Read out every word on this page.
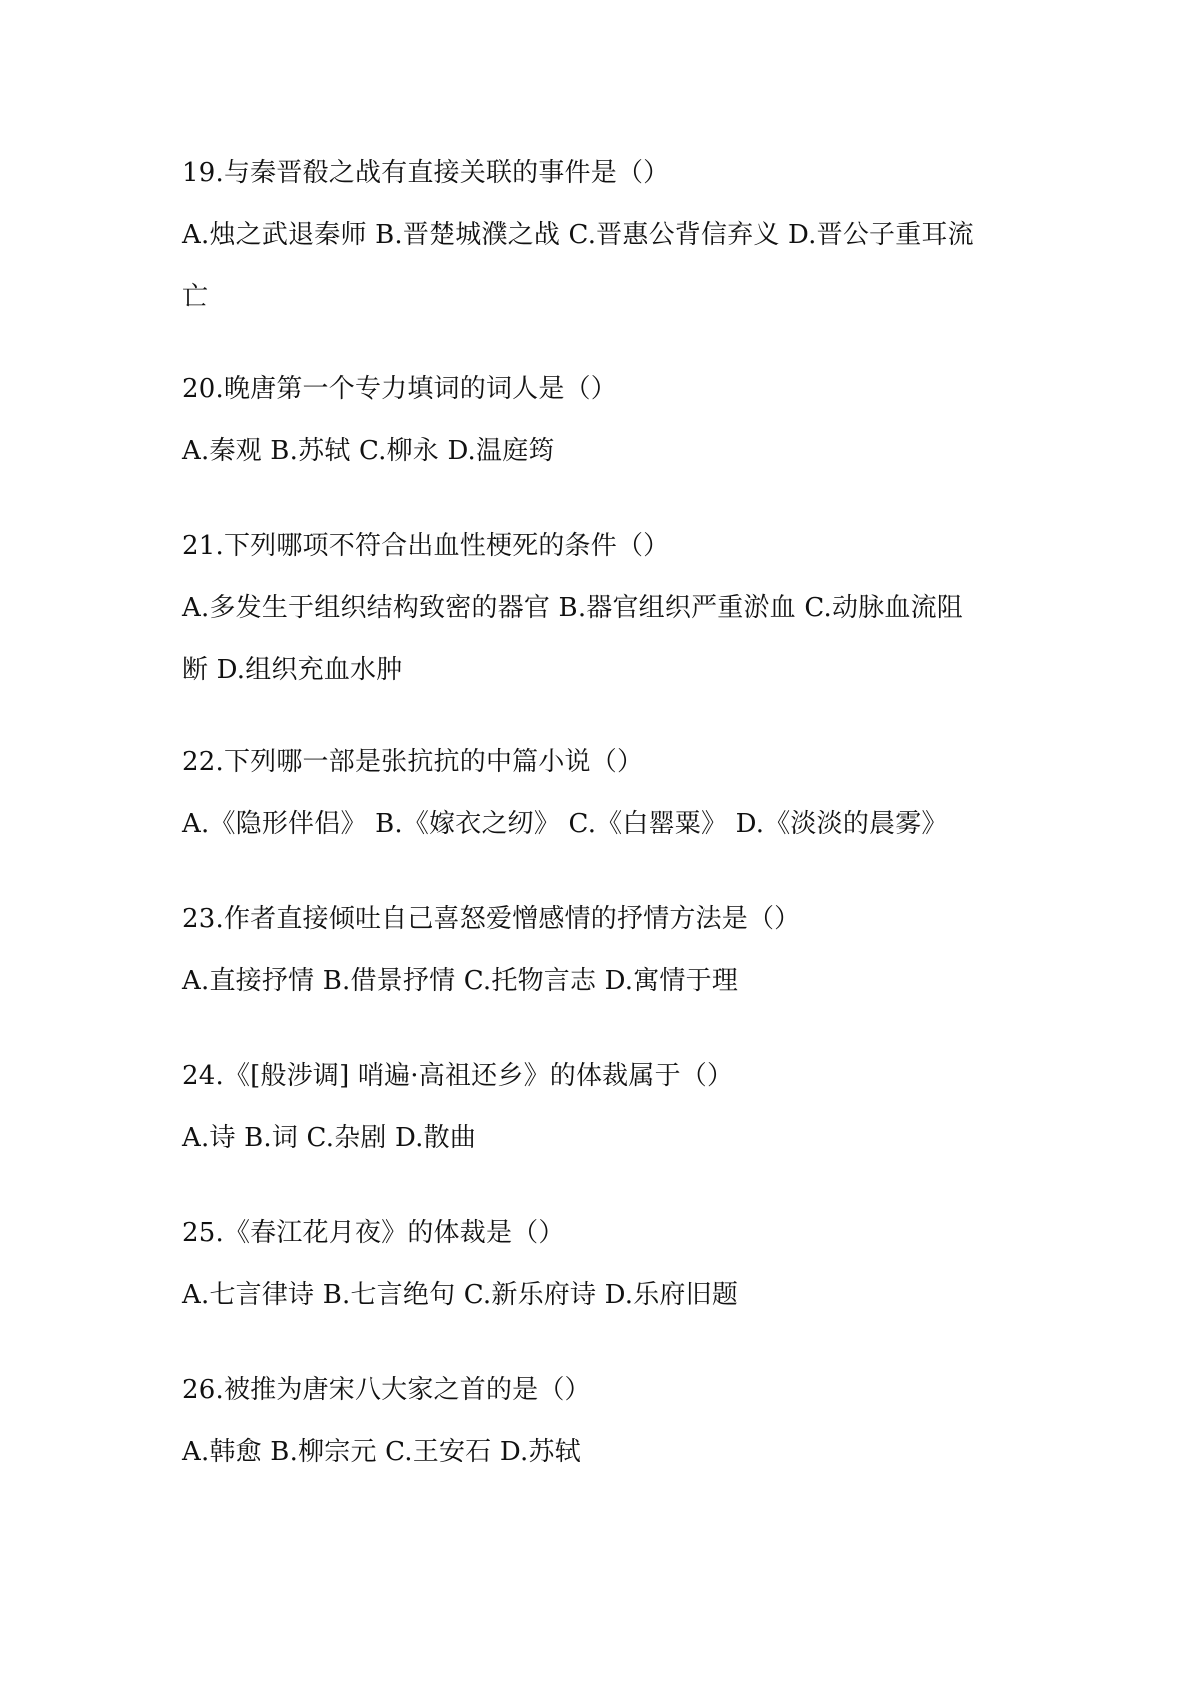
19.与秦晋殽之战有直接关联的事件是（）
A.烛之武退秦师 B.晋楚城濮之战 C.晋惠公背信弃义 D.晋公子重耳流
亡
20.晚唐第一个专力填词的词人是（）
A.秦观 B.苏轼 C.柳永 D.温庭筠
21.下列哪项不符合出血性梗死的条件（）
A.多发生于组织结构致密的器官 B.器官组织严重淤血 C.动脉血流阻
断 D.组织充血水肿
22.下列哪一部是张抗抗的中篇小说（）
A.《隐形伴侣》 B.《嫁衣之纫》 C.《白罂粟》 D.《淡淡的晨雾》
23.作者直接倾吐自己喜怒爱憎感情的抒情方法是（）
A.直接抒情 B.借景抒情 C.托物言志 D.寓情于理
24.《[般涉调] 哨遍·高祖还乡》的体裁属于（）
A.诗 B.词 C.杂剧 D.散曲
25.《春江花月夜》的体裁是（）
A.七言律诗 B.七言绝句 C.新乐府诗 D.乐府旧题
26.被推为唐宋八大家之首的是（）
A.韩愈 B.柳宗元 C.王安石 D.苏轼
